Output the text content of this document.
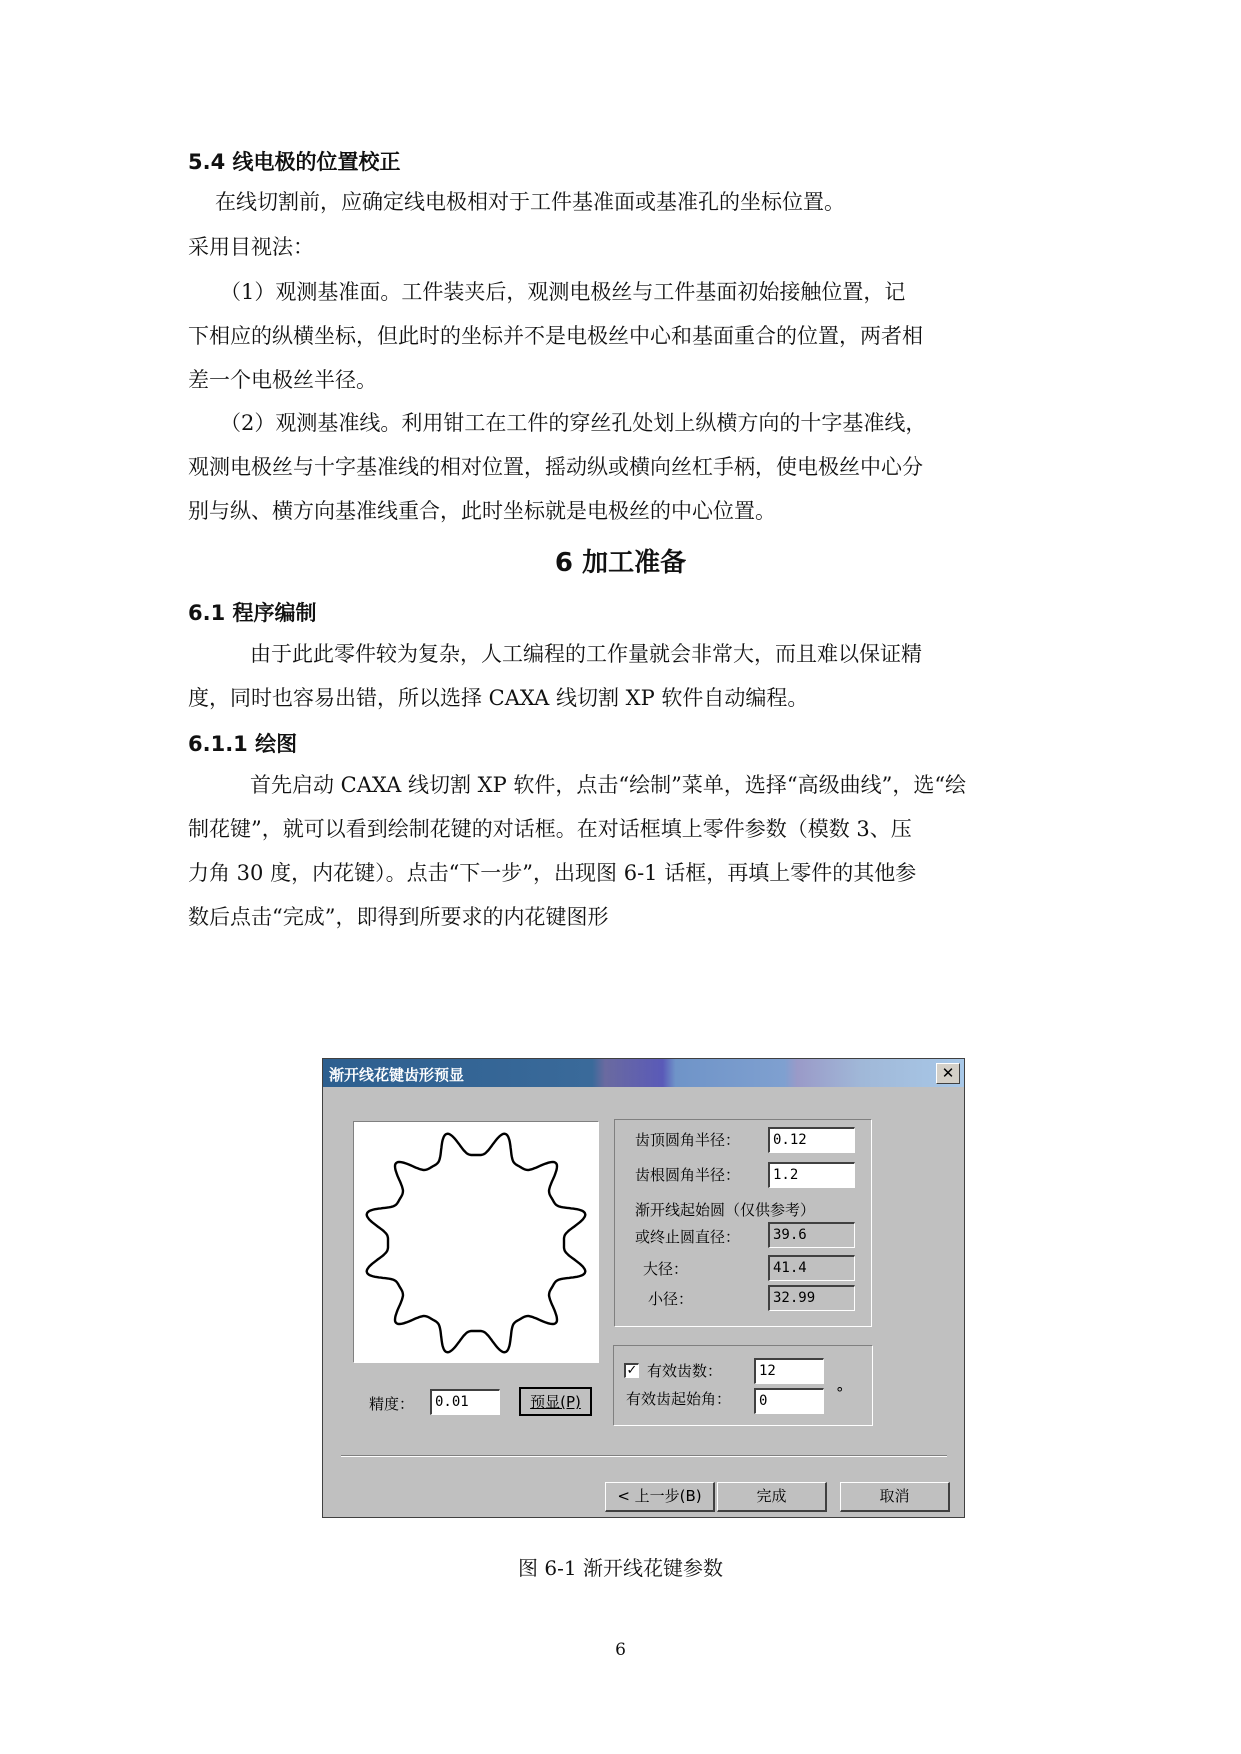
5.4 线电极的位置校正
在线切割前，应确定线电极相对于工件基准面或基准孔的坐标位置。
采用目视法：
（1）观测基准面。工件装夹后，观测电极丝与工件基面初始接触位置，记
下相应的纵横坐标，但此时的坐标并不是电极丝中心和基面重合的位置，两者相
差一个电极丝半径。
（2）观测基准线。利用钳工在工件的穿丝孔处划上纵横方向的十字基准线，
观测电极丝与十字基准线的相对位置，摇动纵或横向丝杠手柄，使电极丝中心分
别与纵、横方向基准线重合，此时坐标就是电极丝的中心位置。
6 加工准备
6.1 程序编制
由于此此零件较为复杂，人工编程的工作量就会非常大，而且难以保证精
度，同时也容易出错，所以选择 CAXA 线切割 XP 软件自动编程。
6.1.1 绘图
首先启动 CAXA 线切割 XP 软件，点击“绘制”菜单，选择“高级曲线”，选“绘
制花键”，就可以看到绘制花键的对话框。在对话框填上零件参数（模数 3、压
力角 30 度，内花键）。点击“下一步”，出现图 6-1 话框，再填上零件的其他参
数后点击“完成”，即得到所要求的内花键图形
渐开线花键齿形预显	✕
齿顶圆角半径：	0.12
齿根圆角半径：	1.2
渐开线起始圆（仅供参考）
或终止圆直径：	39.6
大径：	41.4
小径：	32.99
✓ 有效齿数：	12
有效齿起始角：	0	°
精度：	0.01	预显(P)
< 上一步(B)	完成	取消
图 6-1 渐开线花键参数
6
